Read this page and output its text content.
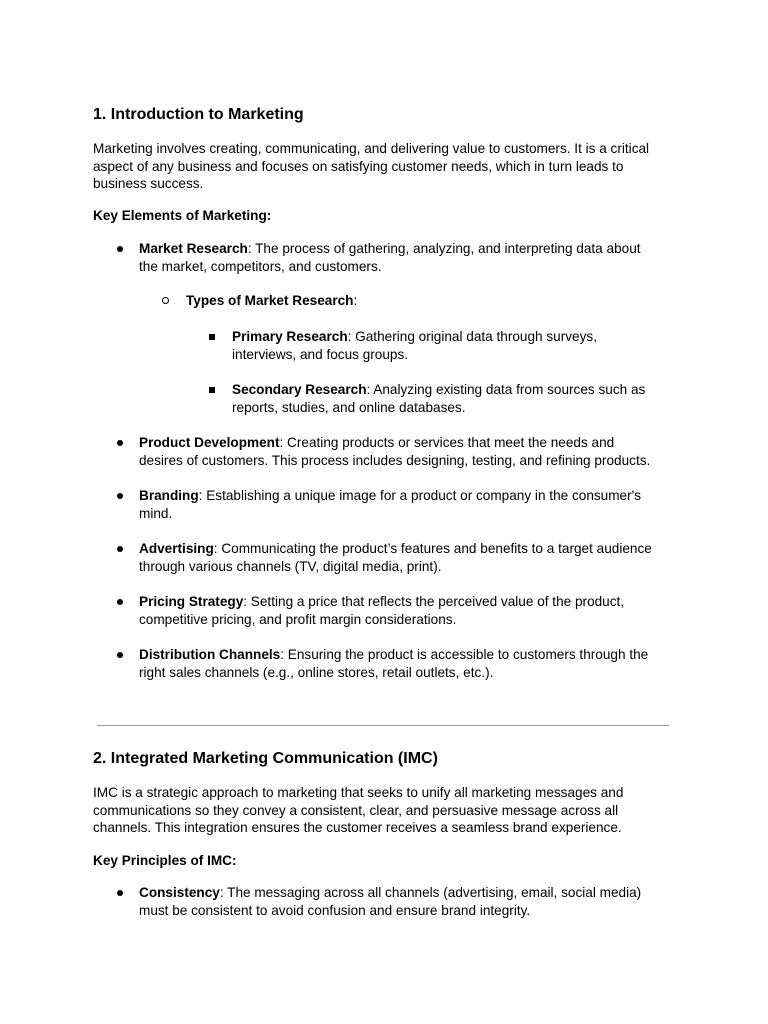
1. Introduction to Marketing

Marketing involves creating, communicating, and delivering value to customers. It is a critical
aspect of any business and focuses on satisfying customer needs, which in turn leads to
business success.

Key Elements of Marketing:

Market Research: The process of gathering, analyzing, and interpreting data about
the market, competitors, and customers.
Types of Market Research:
Primary Research: Gathering original data through surveys,
interviews, and focus groups.
Secondary Research: Analyzing existing data from sources such as
reports, studies, and online databases.
Product Development: Creating products or services that meet the needs and
desires of customers. This process includes designing, testing, and refining products.
Branding: Establishing a unique image for a product or company in the consumer's
mind.
Advertising: Communicating the product’s features and benefits to a target audience
through various channels (TV, digital media, print).
Pricing Strategy: Setting a price that reflects the perceived value of the product,
competitive pricing, and profit margin considerations.
Distribution Channels: Ensuring the product is accessible to customers through the
right sales channels (e.g., online stores, retail outlets, etc.).
2. Integrated Marketing Communication (IMC)

IMC is a strategic approach to marketing that seeks to unify all marketing messages and
communications so they convey a consistent, clear, and persuasive message across all
channels. This integration ensures the customer receives a seamless brand experience.

Key Principles of IMC:

Consistency: The messaging across all channels (advertising, email, social media)
must be consistent to avoid confusion and ensure brand integrity.
